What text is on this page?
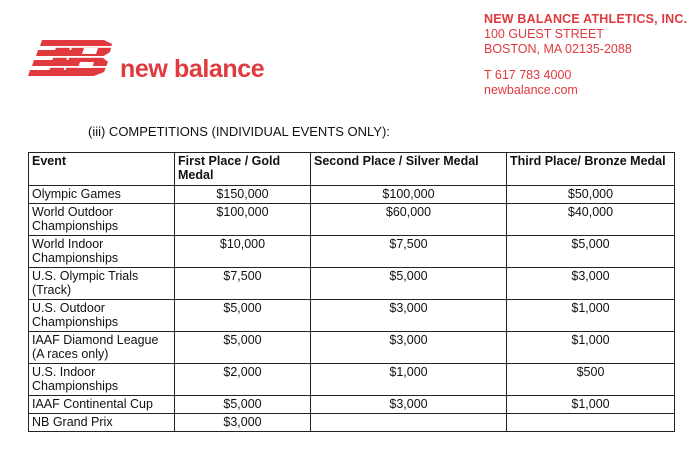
new balance
NEW BALANCE ATHLETICS, INC.
100 GUEST STREET
BOSTON, MA 02135-2088
T 617 783 4000
newbalance.com
(iii) COMPETITIONS (INDIVIDUAL EVENTS ONLY):
Event	First Place / Gold Medal	Second Place / Silver Medal	Third Place/ Bronze Medal
Olympic Games	$150,000	$100,000	$50,000
World Outdoor Championships	$100,000	$60,000	$40,000
World Indoor Championships	$10,000	$7,500	$5,000
U.S. Olympic Trials (Track)	$7,500	$5,000	$3,000
U.S. Outdoor Championships	$5,000	$3,000	$1,000
IAAF Diamond League (A races only)	$5,000	$3,000	$1,000
U.S. Indoor Championships	$2,000	$1,000	$500
IAAF Continental Cup	$5,000	$3,000	$1,000
NB Grand Prix	$3,000		
